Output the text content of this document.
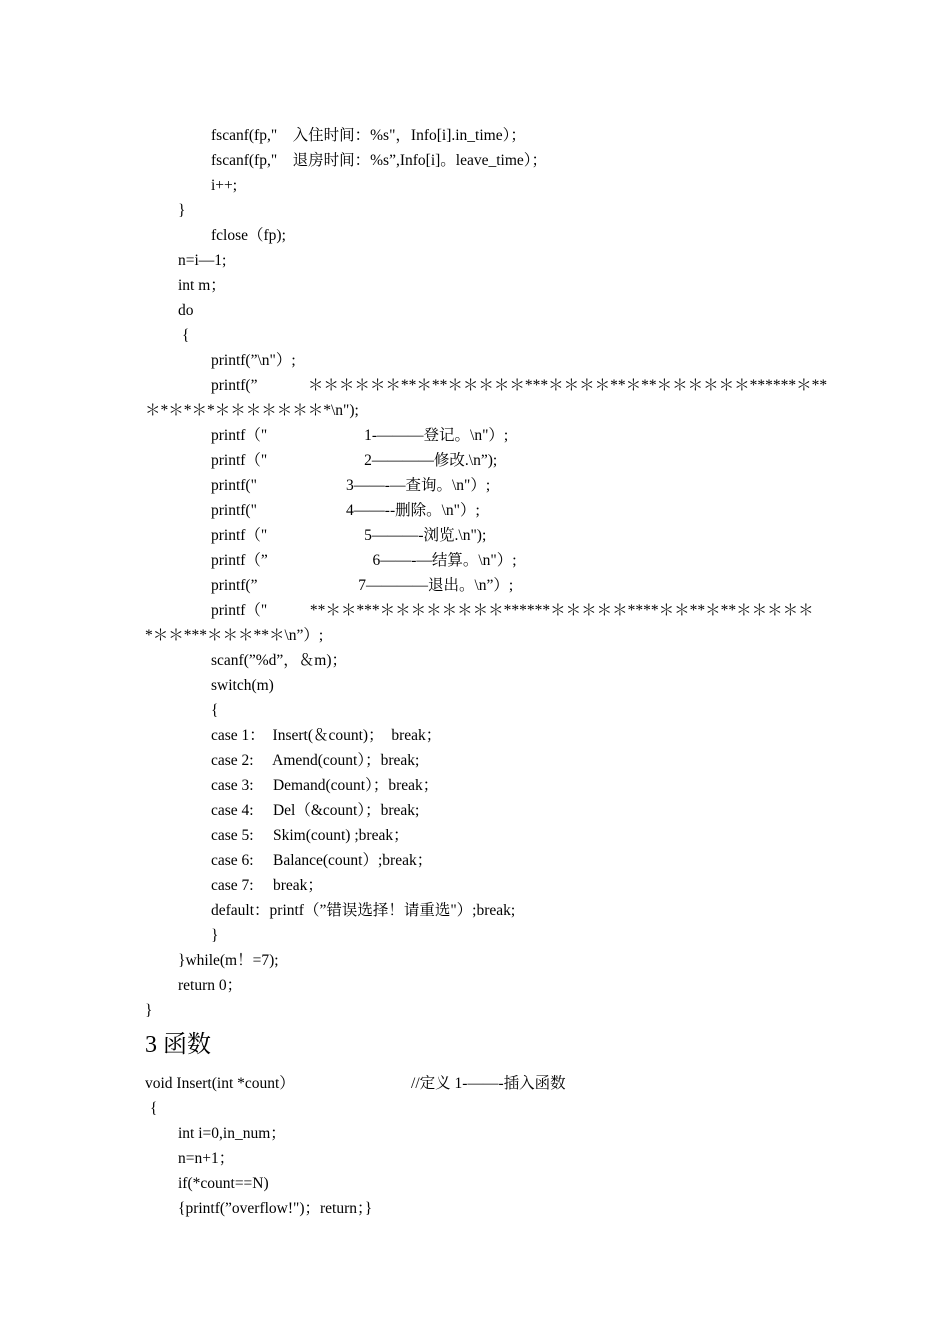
fscanf(fp,"    入住时间：%s"，Info[i].in_time）；
fscanf(fp,"    退房时间：%s”,Info[i]。leave_time）；
i++;
}
fclose（fp);
n=i—1;
int m；
do
{
printf(”\n"）;
printf(”             ＊＊＊＊＊＊**＊**＊＊＊＊＊***＊＊＊＊**＊**＊＊＊＊＊＊******＊**
＊*＊*＊*＊＊＊＊＊＊＊*\n");
printf（"                         1-———登记。\n"）;
printf（"                         2————修改.\n”);
printf("                       3——-—查询。\n"）;
printf("                       4——--删除。\n"）;
printf（"                         5———-浏览.\n");
printf（”                           6——-—结算。\n"）;
printf(”                          7————退出。\n”）;
printf（"           **＊＊***＊＊＊＊＊＊＊＊******＊＊＊＊＊****＊＊**＊**＊＊＊＊＊
*＊＊***＊＊＊**＊\n”）;
scanf(”%d”，＆m)；
switch(m)
{
case 1：  Insert(＆count)；  break；
case 2:     Amend(count）；break;
case 3:     Demand(count）；break；
case 4:     Del（&count）；break;
case 5:     Skim(count) ;break；
case 6:     Balance(count）;break；
case 7:     break；
default：printf（”错误选择！请重选"）;break;
}
}while(m！=7);
return 0；
}
3 函数
void Insert(int *count）                              //定义 1-——-插入函数
{
int i=0,in_num；
n=n+1；
if(*count==N)
{printf(”overflow!")；return；}
